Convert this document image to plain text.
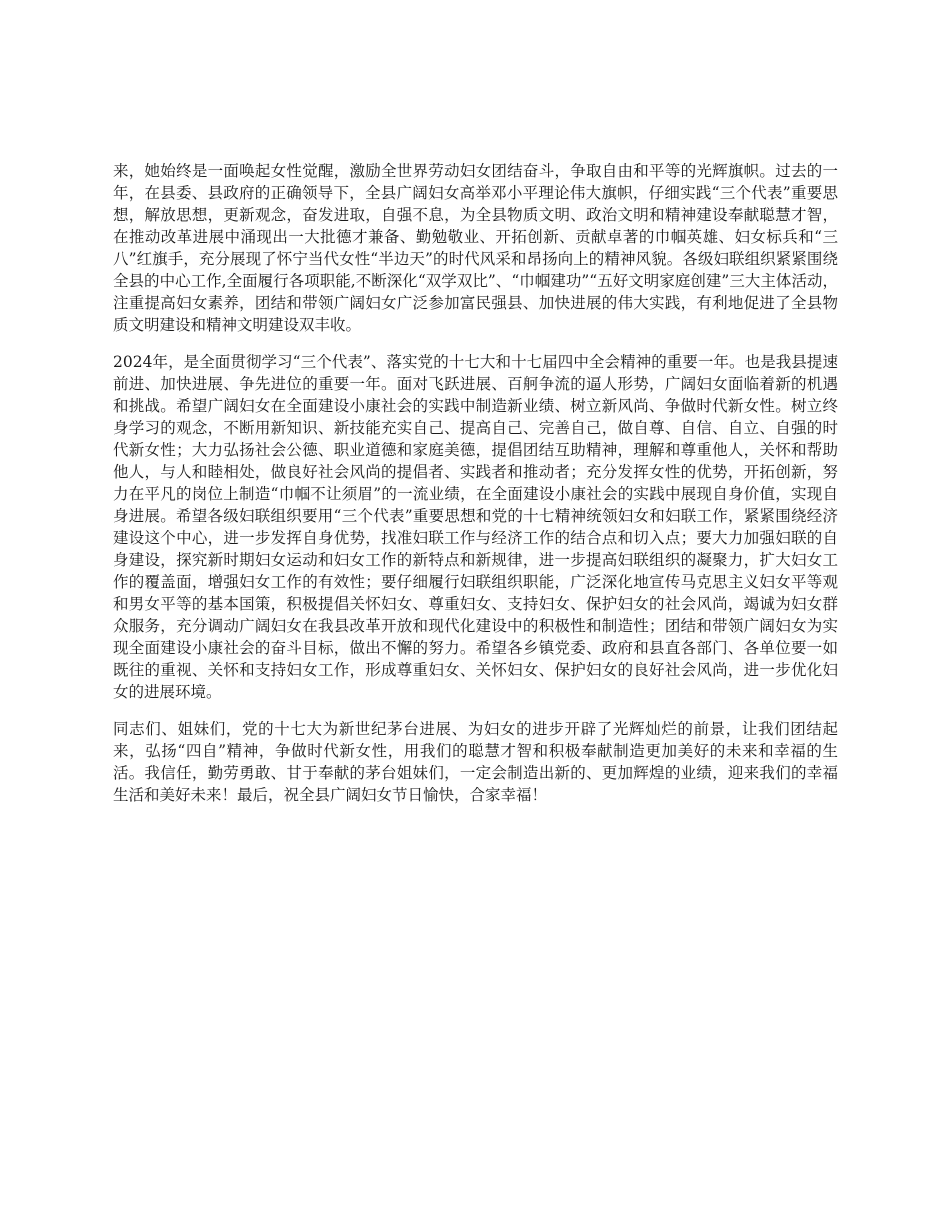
来，她始终是一面唤起女性觉醒，激励全世界劳动妇女团结奋斗，争取自由和平等的光辉旗帜。过去的一年，在县委、县政府的正确领导下，全县广阔妇女高举邓小平理论伟大旗帜，仔细实践“三个代表”重要思想，解放思想，更新观念，奋发进取，自强不息，为全县物质文明、政治文明和精神建设奉献聪慧才智，在推动改革进展中涌现出一大批德才兼备、勤勉敬业、开拓创新、贡献卓著的巾帼英雄、妇女标兵和“三八”红旗手，充分展现了怀宁当代女性“半边天”的时代风采和昂扬向上的精神风貌。各级妇联组织紧紧围绕全县的中心工作,全面履行各项职能,不断深化“双学双比”、“巾帼建功”“五好文明家庭创建”三大主体活动，注重提高妇女素养，团结和带领广阔妇女广泛参加富民强县、加快进展的伟大实践，有利地促进了全县物质文明建设和精神文明建设双丰收。

2024年，是全面贯彻学习“三个代表”、落实党的十七大和十七届四中全会精神的重要一年。也是我县提速前进、加快进展、争先进位的重要一年。面对飞跃进展、百舸争流的逼人形势，广阔妇女面临着新的机遇和挑战。希望广阔妇女在全面建设小康社会的实践中制造新业绩、树立新风尚、争做时代新女性。树立终身学习的观念，不断用新知识、新技能充实自己、提高自己、完善自己，做自尊、自信、自立、自强的时代新女性；大力弘扬社会公德、职业道德和家庭美德，提倡团结互助精神，理解和尊重他人，关怀和帮助他人，与人和睦相处，做良好社会风尚的提倡者、实践者和推动者；充分发挥女性的优势，开拓创新，努力在平凡的岗位上制造“巾帼不让须眉”的一流业绩，在全面建设小康社会的实践中展现自身价值，实现自身进展。希望各级妇联组织要用“三个代表”重要思想和党的十七精神统领妇女和妇联工作，紧紧围绕经济建设这个中心，进一步发挥自身优势，找准妇联工作与经济工作的结合点和切入点；要大力加强妇联的自身建设，探究新时期妇女运动和妇女工作的新特点和新规律，进一步提高妇联组织的凝聚力，扩大妇女工作的覆盖面，增强妇女工作的有效性；要仔细履行妇联组织职能，广泛深化地宣传马克思主义妇女平等观和男女平等的基本国策，积极提倡关怀妇女、尊重妇女、支持妇女、保护妇女的社会风尚，竭诚为妇女群众服务，充分调动广阔妇女在我县改革开放和现代化建设中的积极性和制造性；团结和带领广阔妇女为实现全面建设小康社会的奋斗目标，做出不懈的努力。希望各乡镇党委、政府和县直各部门、各单位要一如既往的重视、关怀和支持妇女工作，形成尊重妇女、关怀妇女、保护妇女的良好社会风尚，进一步优化妇女的进展环境。

同志们、姐妹们，党的十七大为新世纪茅台进展、为妇女的进步开辟了光辉灿烂的前景，让我们团结起来，弘扬“四自”精神，争做时代新女性，用我们的聪慧才智和积极奉献制造更加美好的未来和幸福的生活。我信任，勤劳勇敢、甘于奉献的茅台姐妹们，一定会制造出新的、更加辉煌的业绩，迎来我们的幸福生活和美好未来！最后，祝全县广阔妇女节日愉快，合家幸福！
